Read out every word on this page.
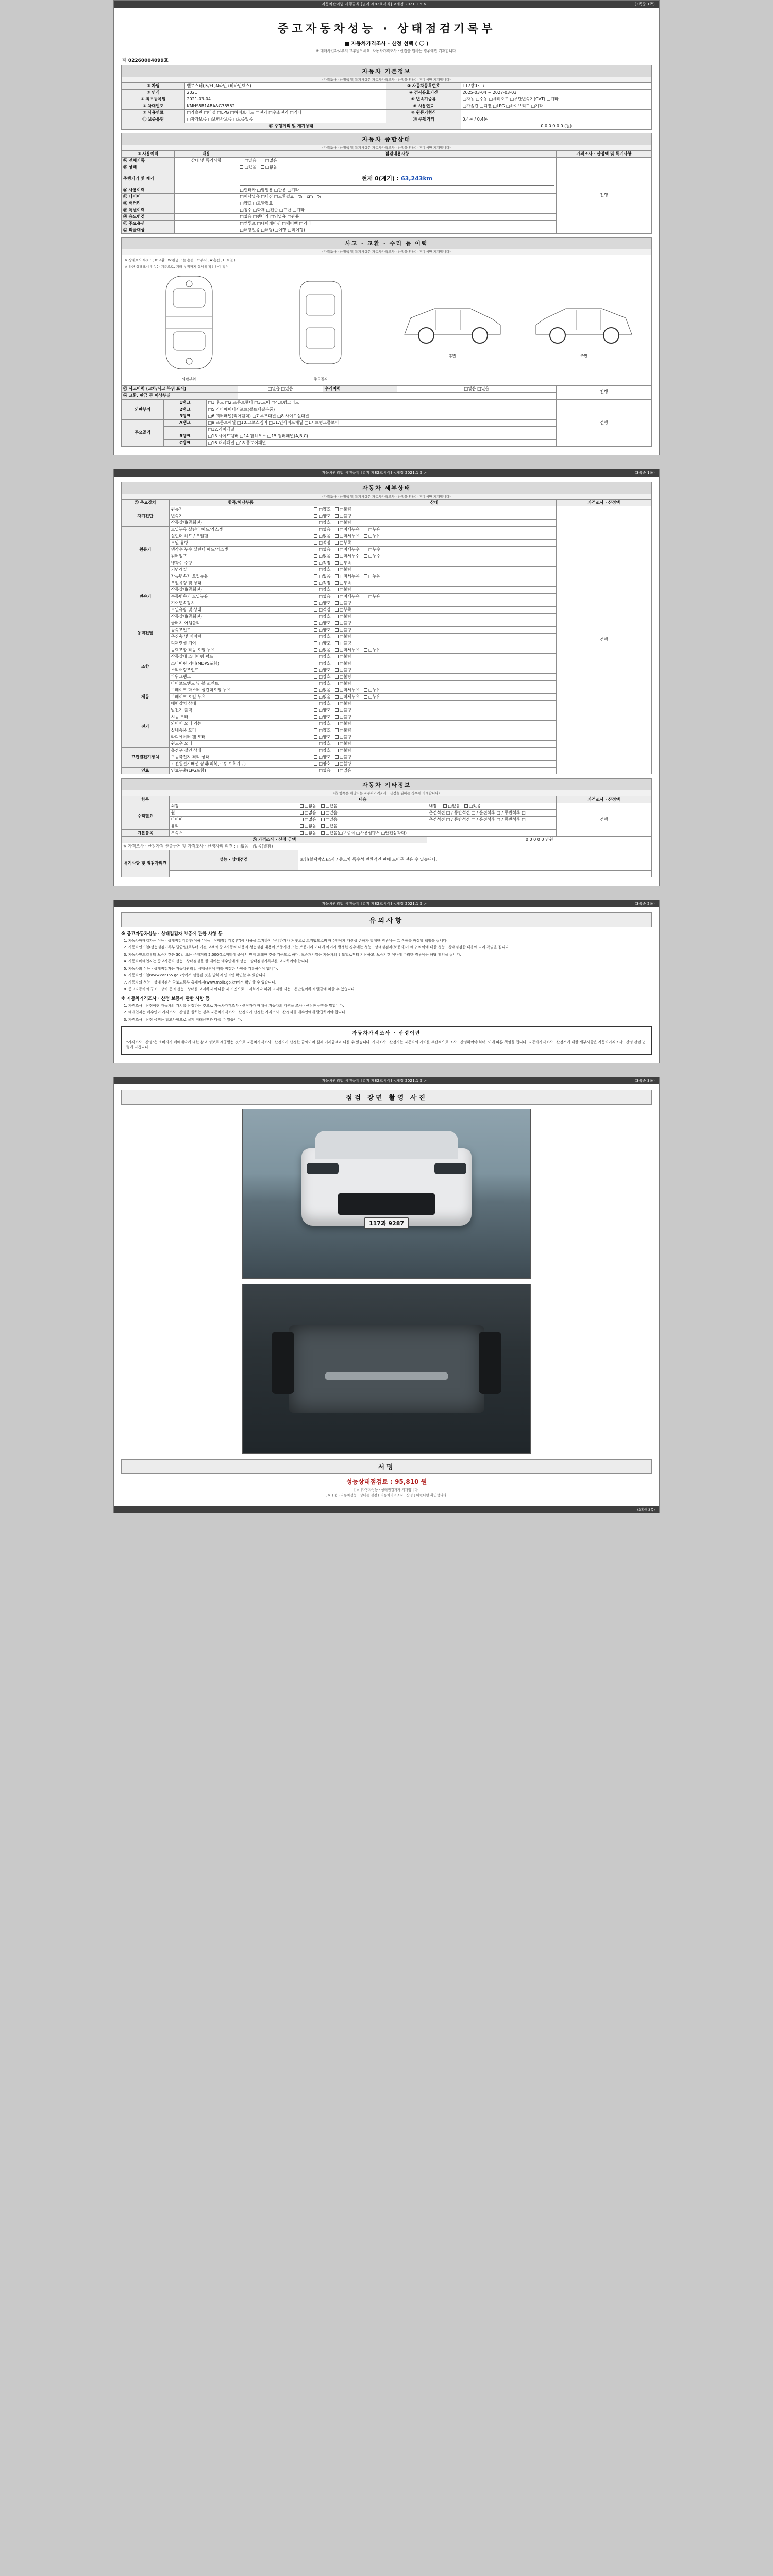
자동차관리법 시행규칙 [별지 제82호서식] <개정 2021.1.5.>	(3쪽중 1쪽)
중고자동차성능 · 상태점검기록부
■ 자동차가격조사 · 산정 선택 ( 〇 )
※ 매매사업자로부터 교부받으세요. 자동차가격조사 · 산정을 원하는 경우에만 기재합니다.
제 02260004099호
자동차 기본정보
(가격조사 · 산정액 및 특기사항은 자동차가격조사 · 산정을 원하는 경우에만 기재합니다)
① 차명	벨로스터(JS/FL)N라인 (비바인덱스)	② 자동차등록번호	117광0317
③ 연식	2021	④ 검사유효기간	2025-03-04 ~ 2027-03-03
⑤ 최초등록일	2021-03-04	⑥ 변속기종류	□자동 □수동 □세미오토 □무단변속기(CVT) □기타
⑦ 차대번호	KMHS5B1ABA&G78552	⑧ 사용연료	□가솔린 □디젤 □LPG □하이브리드 □기타
⑨ 사용연료	□가솔린 □디젤 □LPG □하이브리드 □전기 □수소전기 □기타	⑩ 원동기형식	
⑪ 보증유형	□자가보증 □보험사보증 □보증없음	⑫ 주행거리	0.4톤 / 0.4톤
⑬ 주행거리 및 계기상태			0 0 0 0 0 0 (원)
자동차 종합상태
(가격조사 · 산정액 및 특기사항은 자동차가격조사 · 산정을 원하는 경우에만 기재합니다)
① 사용이력	내용	점검내용사항	가격조사 · 산정액 및 특기사항
⑭ 전체기록	상태 및 특기사항	□있음 □없음	전행
⑮ 상태		□있음 □없음	
주행거리 및 계기		현재 0(계기) : 63,243km	

⑯ 사용이력		□렌터카 □영업용 □관용 □기타	
⑰ 타이어		□해당없음 □터짐 □교환필요 % cm %	
⑱ 배터리		□양호 □교환필요	
⑲ 특별이력		□침수 □화재 □전손 □도난 □기타	
⑳ 용도변경		□없음 □렌터카 □영업용 □관용	
㉑ 주요옵션		□썬루프 □네비게이션 □에어백 □기타	
㉒ 리콜대상		□해당없음 □해당(□이행 □미이행)	
사고 · 교환 · 수리 등 이력
(가격조사 · 산정액 및 특기사항은 자동차가격조사 · 산정을 원하는 경우에만 기재합니다)
※ 상태표시 부호 : ( X:교환 , W:판금 또는 용접 , C:부식 , A:흠집 , U:요철 )
※ 하단 상태표시 위치는 기준으로, 기타 부위까지 상세히 확인하여 작성
외판부위	주요골격
후면	측면
㉓ 사고이력 (교차/사고 부위 표시)	□없음 □있음	수리이력	□없음 □있음	전행
㉔ 교환, 판금 등 이상부위				
외판부위	1랭크	□1.후드 □2.프론트휀더 □3.도어 □4.트렁크리드	전행
	2랭크	□5.라디에이터서포트(볼트체결부품)	
	3랭크	□6.쿼터패널(리어휀더) □7.루프패널 □8.사이드실패널	
주요골격	A랭크	□9.프론트패널 □10.크로스멤버 □11.인사이드패널 □17.트렁크플로어	
		□12.리어패널	
	B랭크	□13.사이드멤버 □14.휠하우스 □15.필러패널(A,B,C)	
	C랭크	□16.대쉬패널 □18.플로어패널	
자동차관리법 시행규칙 [별지 제82호서식] <개정 2021.1.5.>	(3쪽중 1쪽)
자동차 세부상태
(가격조사 · 산정액 및 특기사항은 자동차가격조사 · 산정을 원하는 경우에만 기재합니다)
㉕ 주요장치	항목/해당부품	상태	가격조사 · 산정액
자기진단	원동기	□양호 □불량	전행
	변속기	□양호 □불량	
	작동상태(공회전)	□양호 □불량	
원동기	오일누유 실린더 헤드/가스켓	□없음 □미세누유 □누유	
	실린더 헤드 / 오일팬	□없음 □미세누유 □누유	
	오일 유량	□적정 □부족	
	냉각수 누수 실린더 헤드/가스켓	□없음 □미세누수 □누수	
	워터펌프	□없음 □미세누수 □누수	
	냉각수 수량	□적정 □부족	
	커먼레일	□양호 □불량	
변속기	자동변속기 오일누유	□없음 □미세누유 □누유	
	오일유량 및 상태	□적정 □부족	
	작동상태(공회전)	□양호 □불량	
	수동변속기 오일누유	□없음 □미세누유 □누유	
	기어변속장치	□양호 □불량	
	오일유량 및 상태	□적정 □부족	
	작동상태(공회전)	□양호 □불량	
동력전달	클러치 어셈블리	□양호 □불량	
	등속조인트	□양호 □불량	
	추진축 및 베어링	□양호 □불량	
	디퍼렌셜 기어	□양호 □불량	
조향	동력조향 작동 오일 누유	□없음 □미세누유 □누유	
	작동상태 스티어링 펌프	□양호 □불량	
	스티어링 기어(MDPS포함)	□양호 □불량	
	스티어링조인트	□양호 □불량	
	파워크랭크	□양호 □불량	
	타이로드엔드 및 볼 조인트	□양호 □불량	
제동	브레이크 마스터 실린더오일 누유	□없음 □미세누유 □누유	
	브레이크 오일 누유	□없음 □미세누유 □누유	
	배력장치 상태	□양호 □불량	
전기	발전기 출력	□양호 □불량	
	시동 모터	□양호 □불량	
	와이퍼 모터 기능	□양호 □불량	
	실내송풍 모터	□양호 □불량	
	라디에이터 팬 모터	□양호 □불량	
	윈도우 모터	□양호 □불량	
고전원전기장치	충전구 절연 상태	□양호 □불량	
	구동축전지 격리 상태	□양호 □불량	
	고전원전기배선 상태(피복,고정 보호기구)	□양호 □불량	
연료	연료누출(LPG포함)	□없음 □있음	
자동차 기타정보
(㉖ 항목은 해당되는 자동차가격조사 · 산정을 원하는 경우에 기재합니다)
항목	내용			가격조사 · 산정액
수리필요	외장	□없음 □있음	내장 □없음 □있음	전행
	휠	□없음 □있음	운전석전 □ / 동반석전 □ / 운전석후 □ / 동반석후 □	
	타이어	□없음 □있음	운전석전 □ / 동반석전 □ / 운전석후 □ / 동반석후 □	
	유리	□없음 □있음		
기본품목	부속서	□없음 □있음(□보증서 □사용설명서 □안전삼각대)		
㉗ 가격조사 · 산정 금액			0 0 0 0 0 만원	
※ 가격조사 · 산정가격 산출근거 및 가격조사 · 산정자의 의견 : □없음 □있음(별첨)				
특기사항 및 점검자의견	성능 · 상태점검	보험(블랙박스)조사 / 중고차 특수성 변환적인 판매 도어문 전용 수 있습니다.		

자동차관리법 시행규칙 [별지 제82호서식] <개정 2021.1.5.>	(3쪽중 2쪽)
유의사항
※ 중고자동차성능 · 상태점검자 보증에 관한 사항 등
1. 자동차매매업자는 성능 · 상태점검기록부(이하 "성능 · 상태점검기록부")에 내용을 고지하지 아니하거나 거짓으로 고지했으로써 매수인에게 재산상 손해가 발생한 경우에는 그 손해를 배상할 책임을 집니다.
2. 자동차인도일(성능점검기록부 발급일)로부터 이전 고객의 중고자동차 내용과 성능점검 내용이 보증기간 또는 보증거리 이내에 차이가 발생한 경우에는 성능 · 상태점검자(보증자)가 해당 차이에 대한 성능 · 상태점검한 내용에 따라 책임을 집니다.
3. 자동차인도일부터 보증기간은 30일 또는 주행거리 2,000킬로미터에 중에서 먼저 도래한 것을 기준으로 하며, 보증개시일은 자동차의 인도일로부터 기산하고, 보증기간 이내에 수리한 경우에는 해당 책임을 집니다.
4. 자동차매매업자는 중고자동차 성능 · 상태점검을 한 때에는 매수인에게 성능 · 상태점검기록부를 고지하여야 합니다.
5. 자동차의 성능 · 상태점검자는 자동차관리법 시행규칙에 따라 점검한 사항을 기록하여야 합니다.
6. 자동차인도일(www.car365.go.kr)에서 실행된 것을 말하며 인터넷 확인할 수 있습니다.
7. 자동차의 성능 · 상태점검은 국토교통부 홈페이지(www.molit.go.kr)에서 확인할 수 있습니다.
8. 중고자동차의 구조 · 장치 등의 성능 · 상태를 고지하지 아니한 자 거짓으로 고지하거나 허위 고지한 자는 1천만원이하의 벌금에 처할 수 있습니다.
※ 자동차가격조사 · 산정 보증에 관한 사항 등
1. 가격조사 · 산정이란 자동차의 가치를 산정하는 것으로 자동차가격조사 · 산정자가 매매용 자동차의 가격을 조사 · 산정한 금액을 말합니다.
2. 매매업자는 매수인이 가격조사 · 산정을 원하는 경우 자동차가격조사 · 산정자가 산정한 가격조사 · 산정서를 매수인에게 발급하여야 합니다.
3. 가격조사 · 산정 금액은 참고사항으로 실제 거래금액과 다를 수 있습니다.
자동차가격조사 · 산정이란
"가격조사 · 산정"은 소비자가 매매계약에 대한 참고 정보로 제공받는 것으로 자동차가격조사 · 산정자가 산정한 금액이며 실제 거래금액과 다를 수 있습니다. 가격조사 · 산정자는 자동차의 가치를 객관적으로 조사 · 산정하여야 하며, 이에 따른 책임을 집니다. 자동차가격조사 · 산정서에 대한 세부사항은 자동차가격조사 · 산정 관련 법령에 따릅니다.
자동차관리법 시행규칙 [별지 제82호서식] <개정 2021.1.5.>	(3쪽중 3쪽)
점검 장면 촬영 사진
117과 9287
서명
성능상태점검료 : 95,810 원
[ ※ ]자동차성능 · 상태점검자가 기재합니다.
[ ※ ] 중고자동차성능 · 상태를 점검 [ 자동차가격조사 · 산정 ] 바란다면 확인합니다.
(3쪽중 3쪽)
